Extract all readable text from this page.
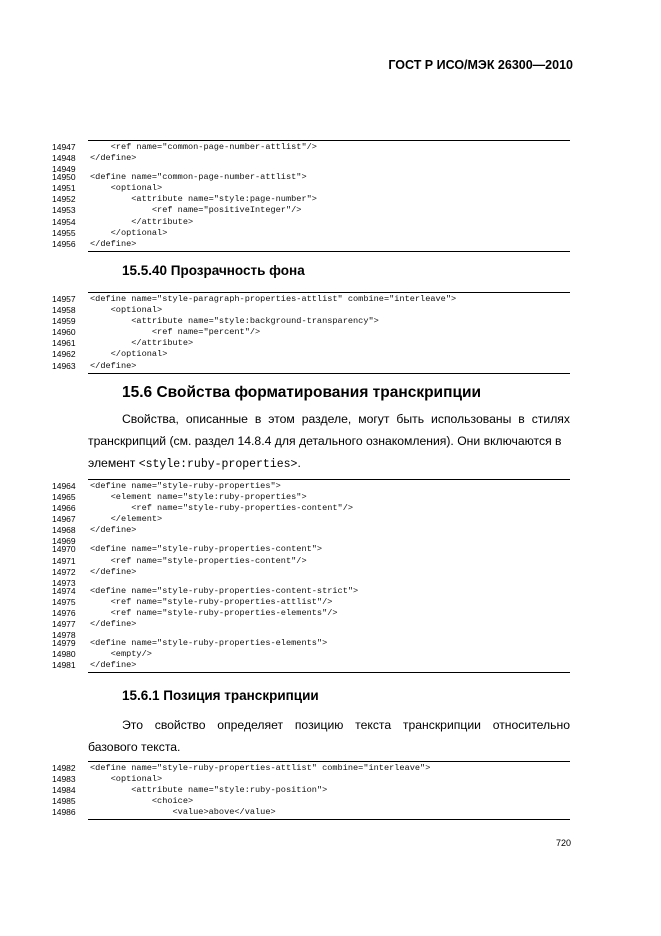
ГОСТ Р ИСО/МЭК 26300—2010
14947	<ref name="common-page-number-attlist"/>
14948	</define>
14949
14950	<define name="common-page-number-attlist">
14951	<optional>
14952	<attribute name="style:page-number">
14953	<ref name="positiveInteger"/>
14954	</attribute>
14955	</optional>
14956	</define>
15.5.40 Прозрачность фона
14957	<define name="style-paragraph-properties-attlist" combine="interleave">
14958	<optional>
14959	<attribute name="style:background-transparency">
14960	<ref name="percent"/>
14961	</attribute>
14962	</optional>
14963	</define>
15.6 Свойства форматирования транскрипции

Свойства, описанные в этом разделе, могут быть использованы в стилях транскрипций (см. раздел 14.8.4 для детального ознакомления). Они включаются в

элемент <style:ruby-properties>.

14964	<define name="style-ruby-properties">
14965	<element name="style:ruby-properties">
14966	<ref name="style-ruby-properties-content"/>
14967	</element>
14968	</define>
14969
14970	<define name="style-ruby-properties-content">
14971	<ref name="style-properties-content"/>
14972	</define>
14973
14974	<define name="style-ruby-properties-content-strict">
14975	<ref name="style-ruby-properties-attlist"/>
14976	<ref name="style-ruby-properties-elements"/>
14977	</define>
14978
14979	<define name="style-ruby-properties-elements">
14980	<empty/>
14981	</define>
15.6.1 Позиция транскрипции

Это свойство определяет позицию текста транскрипции относительно базового текста.

14982	<define name="style-ruby-properties-attlist" combine="interleave">
14983	<optional>
14984	<attribute name="style:ruby-position">
14985	<choice>
14986	<value>above</value>
720
